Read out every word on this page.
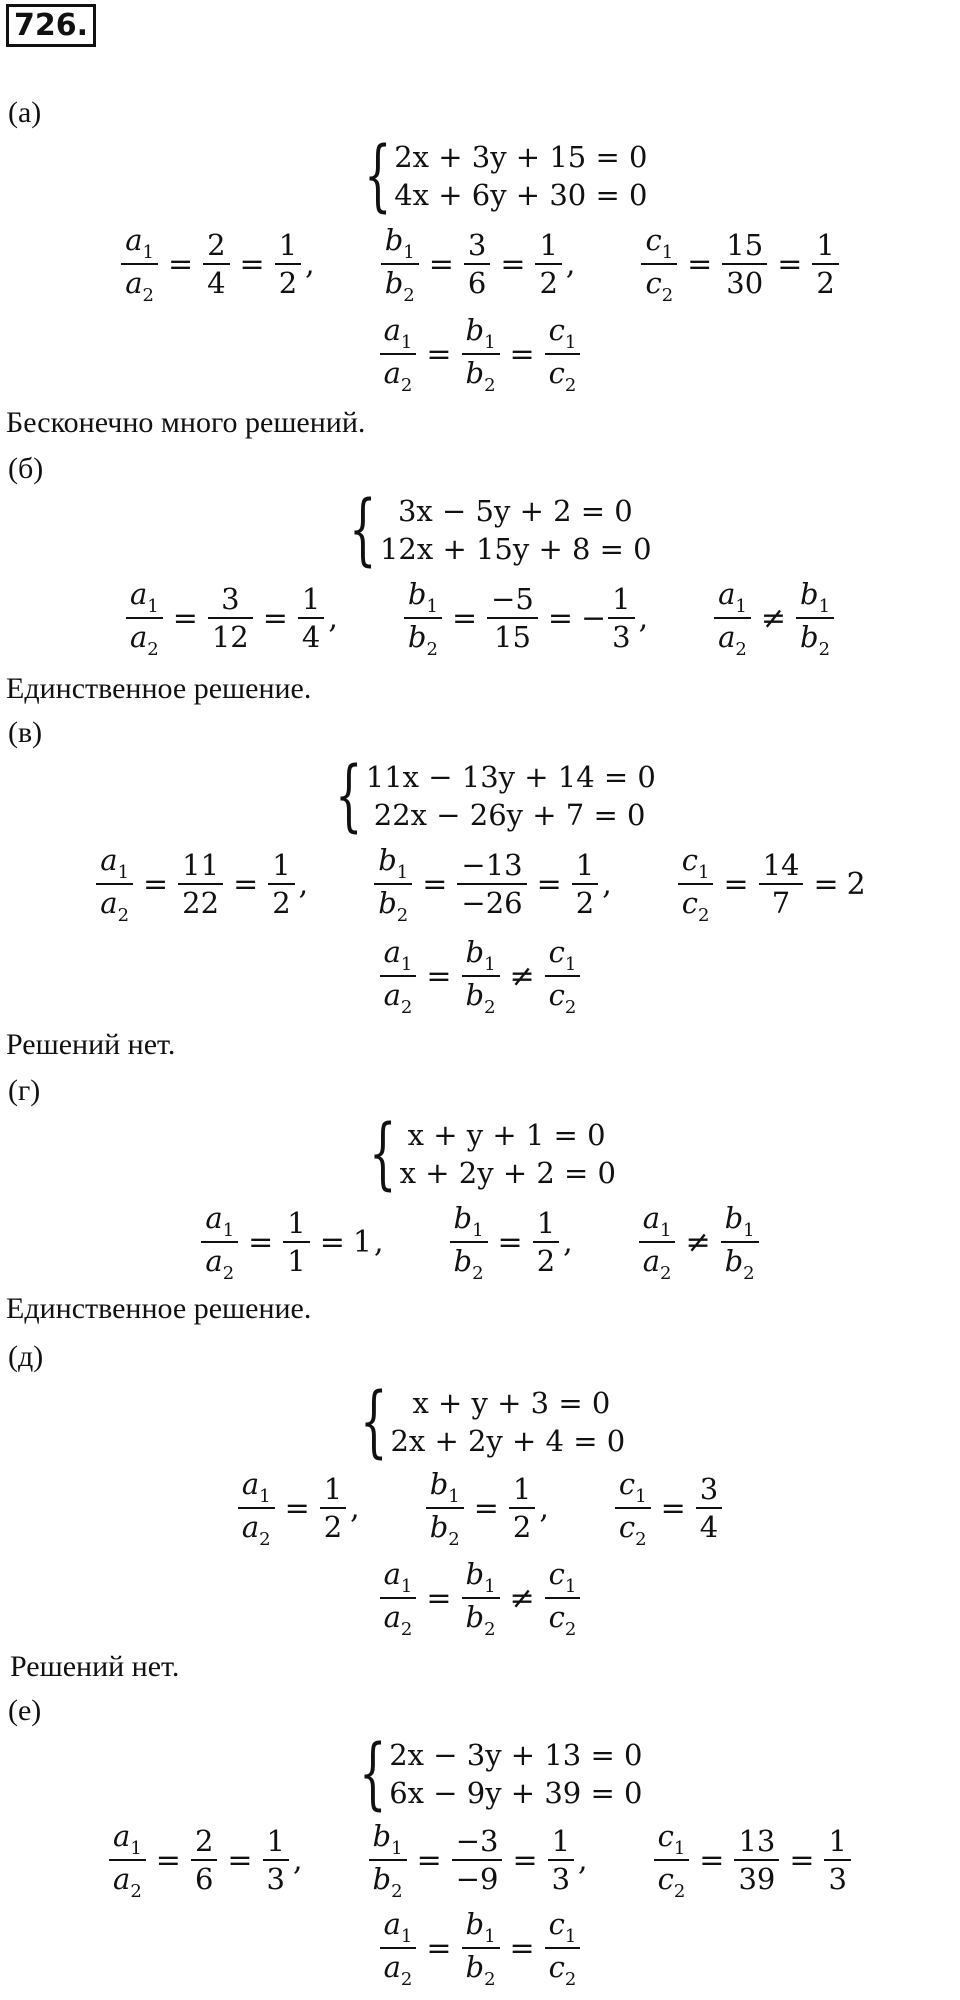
726.
(а)
{ 2x + 3y + 15 = 0
4x + 6y + 30 = 0
$\frac{a_1}{a_2} = \frac{2}{4} = \frac{1}{2}$ , $\frac{b_1}{b_2} = \frac{3}{6} = \frac{1}{2}$ , $\frac{c_1}{c_2} = \frac{15}{30} = \frac{1}{2}$
$\frac{a_1}{a_2} = \frac{b_1}{b_2} = \frac{c_1}{c_2}$
Бесконечно много решений.
(б)
{ 3x − 5y + 2 = 0
12x + 15y + 8 = 0
$\frac{a_1}{a_2} = \frac{3}{12} = \frac{1}{4}$ , $\frac{b_1}{b_2} = \frac{-5}{15}$ = − $\frac{1}{3}$ , $\frac{a_1}{a_2} \ne \frac{b_1}{b_2}$
Единственное решение.
(в)
{ 11x − 13y + 14 = 0
22x − 26y + 7 = 0
$\frac{a_1}{a_2} = \frac{11}{22} = \frac{1}{2}$ , $\frac{b_1}{b_2} = \frac{-13}{-26} = \frac{1}{2}$ , $\frac{c_1}{c_2} = \frac{14}{7} = 2$
$\frac{a_1}{a_2} = \frac{b_1}{b_2} \ne \frac{c_1}{c_2}$
Решений нет.
(г)
{ x + y + 1 = 0
x + 2y + 2 = 0
$\frac{a_1}{a_2} = \frac{1}{1} = 1$ , $\frac{b_1}{b_2} = \frac{1}{2}$ , $\frac{a_1}{a_2} \ne \frac{b_1}{b_2}$
Единственное решение.
(д)
{ x + y + 3 = 0
2x + 2y + 4 = 0
$\frac{a_1}{a_2} = \frac{1}{2}$ , $\frac{b_1}{b_2} = \frac{1}{2}$ , $\frac{c_1}{c_2} = \frac{3}{4}$
$\frac{a_1}{a_2} = \frac{b_1}{b_2} \ne \frac{c_1}{c_2}$
Решений нет.
(е)
{ 2x − 3y + 13 = 0
6x − 9y + 39 = 0
$\frac{a_1}{a_2} = \frac{2}{6} = \frac{1}{3}$ , $\frac{b_1}{b_2} = \frac{-3}{-9} = \frac{1}{3}$ , $\frac{c_1}{c_2} = \frac{13}{39} = \frac{1}{3}$
$\frac{a_1}{a_2} = \frac{b_1}{b_2} = \frac{c_1}{c_2}$
